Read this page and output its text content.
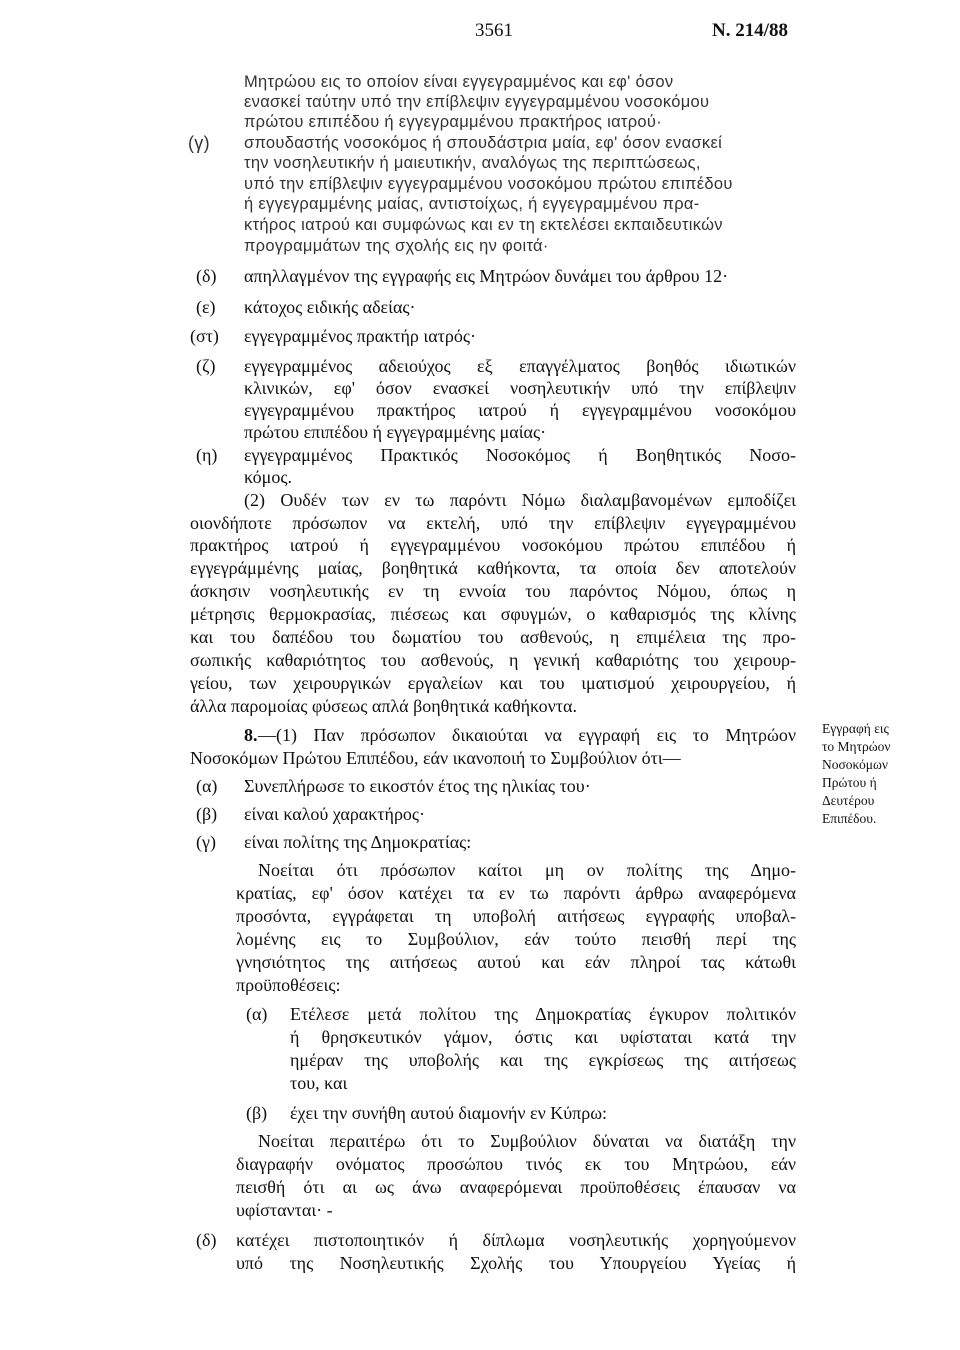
3561	Ν. 214/88
Μητρώου εις το οποίον είναι εγγεγραμμένος και εφ' όσον
ενασκεί ταύτην υπό την επίβλεψιν εγγεγραμμένου νοσοκόμου
πρώτου επιπέδου ή εγγεγραμμένου πρακτήρος ιατρού·
(γ) σπουδαστής νοσοκόμος ή σπουδάστρια μαία, εφ' όσον ενασκεί
την νοσηλευτικήν ή μαιευτικήν, αναλόγως της περιπτώσεως,
υπό την επίβλεψιν εγγεγραμμένου νοσοκόμου πρώτου επιπέδου
ή εγγεγραμμένης μαίας, αντιστοίχως, ή εγγεγραμμένου πρα-
κτήρος ιατρού και συμφώνως και εν τη εκτελέσει εκπαιδευτικών
προγραμμάτων της σχολής εις ην φοιτά·
(δ) απηλλαγμένον της εγγραφής εις Μητρώον δυνάμει του άρθρου 12·
(ε) κάτοχος ειδικής αδείας·
(στ) εγγεγραμμένος πρακτήρ ιατρός·
(ζ) εγγεγραμμένος αδειούχος εξ επαγγέλματος βοηθός ιδιωτικών
κλινικών, εφ' όσον ενασκεί νοσηλευτικήν υπό την επίβλεψιν
εγγεγραμμένου πρακτήρος ιατρού ή εγγεγραμμένου νοσοκόμου
πρώτου επιπέδου ή εγγεγραμμένης μαίας·
(η) εγγεγραμμένος Πρακτικός Νοσοκόμος ή Βοηθητικός Νοσο-
κόμος.
(2) Ουδέν των εν τω παρόντι Νόμω διαλαμβανομένων εμποδίζει
οιονδήποτε πρόσωπον να εκτελή, υπό την επίβλεψιν εγγεγραμμένου
πρακτήρος ιατρού ή εγγεγραμμένου νοσοκόμου πρώτου επιπέδου ή
εγγεγράμμένης μαίας, βοηθητικά καθήκοντα, τα οποία δεν αποτελούν
άσκησιν νοσηλευτικής εν τη εννοία του παρόντος Νόμου, όπως η
μέτρησις θερμοκρασίας, πιέσεως και σφυγμών, ο καθαρισμός της κλίνης
και του δαπέδου του δωματίου του ασθενούς, η επιμέλεια της προ-
σωπικής καθαριότητος του ασθενούς, η γενική καθαριότης του χειρουρ-
γείου, των χειρουργικών εργαλείων και του ιματισμού χειρουργείου, ή
άλλα παρομοίας φύσεως απλά βοηθητικά καθήκοντα.
8. —(1) Παν πρόσωπον δικαιούται να εγγραφή εις το Μητρώον
Νοσοκόμων Πρώτου Επιπέδου, εάν ικανοποιή το Συμβούλιον ότι—
(α) Συνεπλήρωσε το εικοστόν έτος της ηλικίας του·
(β) είναι καλού χαρακτήρος·
(γ) είναι πολίτης της Δημοκρατίας:
Νοείται ότι πρόσωπον καίτοι μη ον πολίτης της Δημο-
κρατίας, εφ' όσον κατέχει τα εν τω παρόντι άρθρω αναφερόμενα
προσόντα, εγγράφεται τη υποβολή αιτήσεως εγγραφής υποβαλ-
λομένης εις το Συμβούλιον, εάν τούτο πεισθή περί της
γνησιότητος της αιτήσεως αυτού και εάν πληροί τας κάτωθι
προϋποθέσεις:
(α) Ετέλεσε μετά πολίτου της Δημοκρατίας έγκυρον πολιτικόν
ή θρησκευτικόν γάμον, όστις και υφίσταται κατά την
ημέραν της υποβολής και της εγκρίσεως της αιτήσεως
του, και
(β) έχει την συνήθη αυτού διαμονήν εν Κύπρω:
Νοείται περαιτέρω ότι το Συμβούλιον δύναται να διατάξη την
διαγραφήν ονόματος προσώπου τινός εκ του Μητρώου, εάν
πεισθή ότι αι ως άνω αναφερόμεναι προϋποθέσεις έπαυσαν να
υφίστανται· -
(δ) κατέχει πιστοποιητικόν ή δίπλωμα νοσηλευτικής χορηγούμενον
υπό της Νοσηλευτικής Σχολής του Υπουργείου Υγείας ή
Εγγραφή εις
το Μητρώον
Νοσοκόμων
Πρώτου ή
Δευτέρου
Επιπέδου.
